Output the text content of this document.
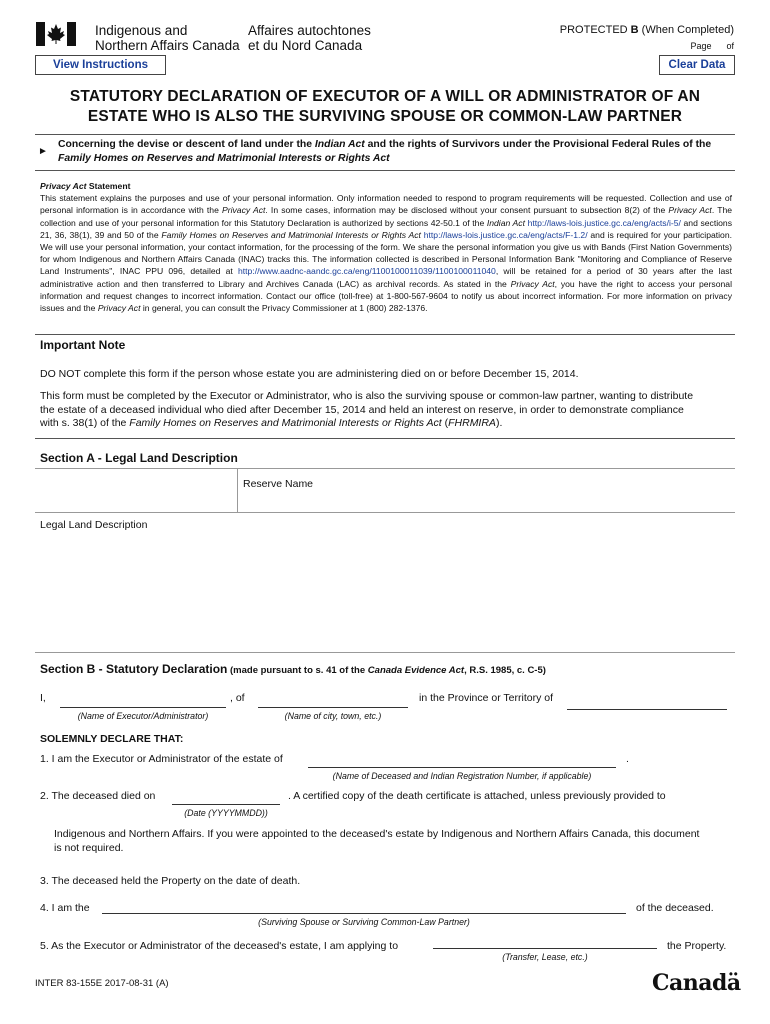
Indigenous and
Northern Affairs Canada
Affaires autochtones
et du Nord Canada
PROTECTED B (When Completed)
Page      of
View Instructions	Clear Data
STATUTORY DECLARATION OF EXECUTOR OF A WILL OR ADMINISTRATOR OF AN
ESTATE WHO IS ALSO THE SURVIVING SPOUSE OR COMMON-LAW PARTNER
►
Concerning the devise or descent of land under the Indian Act and the rights of Survivors under the Provisional Federal Rules of the Family Homes on Reserves and Matrimonial Interests or Rights Act
Privacy Act Statement
This statement explains the purposes and use of your personal information. Only information needed to respond to program requirements will be requested. Collection and use of personal information is in accordance with the Privacy Act. In some cases, information may be disclosed without your consent pursuant to subsection 8(2) of the Privacy Act. The collection and use of your personal information for this Statutory Declaration is authorized by sections 42-50.1 of the Indian Act http://laws-lois.justice.gc.ca/eng/acts/i-5/ and sections 21, 36, 38(1), 39 and 50 of the Family Homes on Reserves and Matrimonial Interests or Rights Act http://laws-lois.justice.gc.ca/eng/acts/F-1.2/ and is required for your participation. We will use your personal information, your contact information, for the processing of the form. We share the personal information you give us with Bands (First Nation Governments) for whom Indigenous and Northern Affairs Canada (INAC) tracks this. The information collected is described in Personal Information Bank "Monitoring and Compliance of Reserve Land Instruments", INAC PPU 096, detailed at http://www.aadnc-aandc.gc.ca/eng/1100100011039/1100100011040, will be retained for a period of 30 years after the last administrative action and then transferred to Library and Archives Canada (LAC) as archival records. As stated in the Privacy Act, you have the right to access your personal information and request changes to incorrect information. Contact our office (toll-free) at 1-800-567-9604 to notify us about incorrect information. For more information on privacy issues and the Privacy Act in general, you can consult the Privacy Commissioner at 1 (800) 282-1376.
Important Note
DO NOT complete this form if the person whose estate you are administering died on or before December 15, 2014.
This form must be completed by the Executor or Administrator, who is also the surviving spouse or common-law partner, wanting to distribute the estate of a deceased individual who died after December 15, 2014 and held an interest on reserve, in order to demonstrate compliance with s. 38(1) of the Family Homes on Reserves and Matrimonial Interests or Rights Act (FHRMIRA).
Section A - Legal Land Description
Reserve Name
Legal Land Description
Section B - Statutory Declaration (made pursuant to s. 41 of the Canada Evidence Act, R.S. 1985, c. C-5)
I,	, of	in the Province or Territory of
(Name of Executor/Administrator)	(Name of city, town, etc.)
SOLEMNLY DECLARE THAT:
1. I am the Executor or Administrator of the estate of	.
(Name of Deceased and Indian Registration Number, if applicable)
2. The deceased died on	. A certified copy of the death certificate is attached, unless previously provided to
(Date (YYYYMMDD))
Indigenous and Northern Affairs. If you were appointed to the deceased's estate by Indigenous and Northern Affairs Canada, this document is not required.
3. The deceased held the Property on the date of death.
4. I am the	of the deceased.
(Surviving Spouse or Surviving Common-Law Partner)
5. As the Executor or Administrator of the deceased's estate, I am applying to	the Property.
(Transfer, Lease, etc.)
INTER 83-155E 2017-08-31 (A)	Canadä
